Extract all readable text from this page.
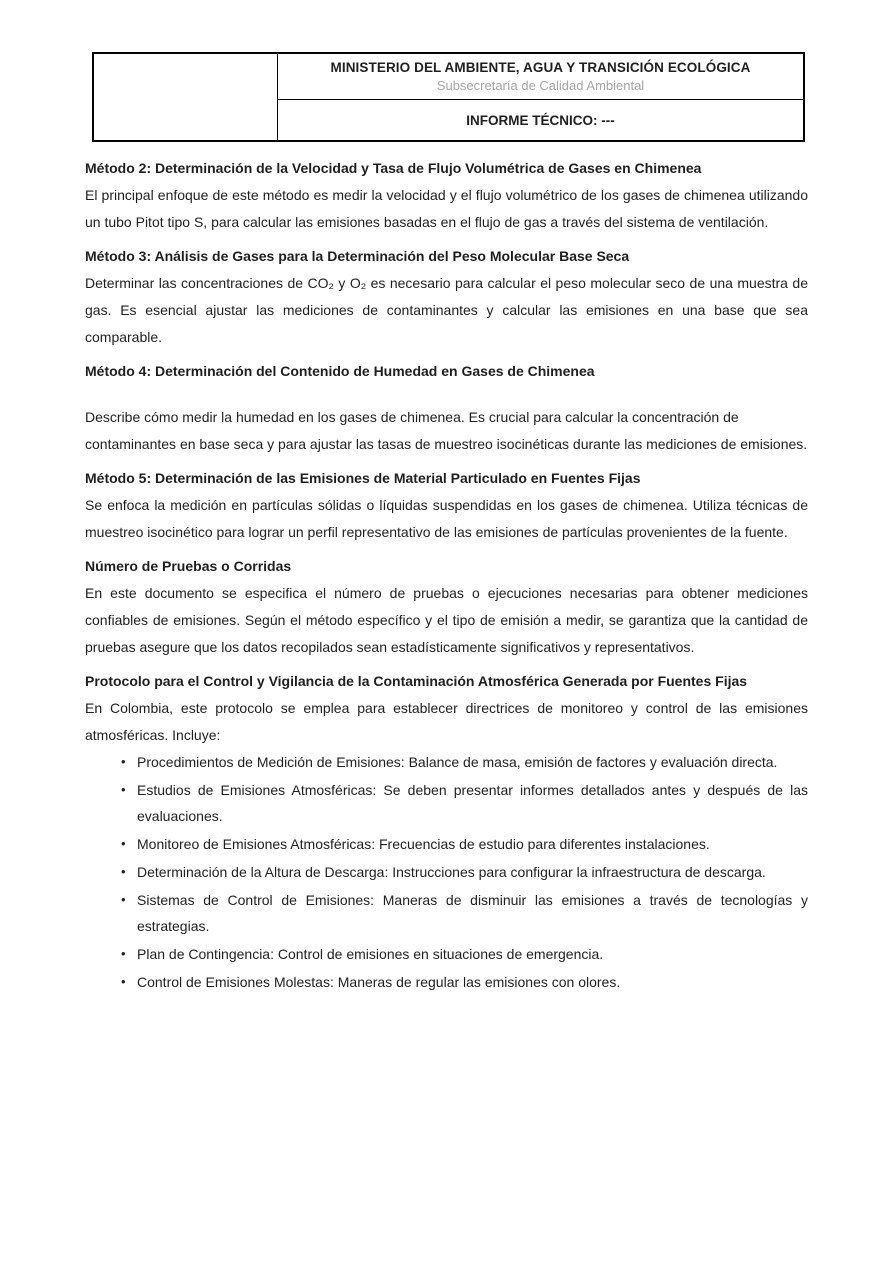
MINISTERIO DEL AMBIENTE, AGUA Y TRANSICIÓN ECOLÓGICA
Subsecretaría de Calidad Ambiental

INFORME TÉCNICO: ---
Método 2: Determinación de la Velocidad y Tasa de Flujo Volumétrica de Gases en Chimenea

El principal enfoque de este método es medir la velocidad y el flujo volumétrico de los gases de chimenea utilizando un tubo Pitot tipo S, para calcular las emisiones basadas en el flujo de gas a través del sistema de ventilación.

Método 3: Análisis de Gases para la Determinación del Peso Molecular Base Seca

Determinar las concentraciones de CO₂ y O₂ es necesario para calcular el peso molecular seco de una muestra de gas. Es esencial ajustar las mediciones de contaminantes y calcular las emisiones en una base que sea comparable.

Método 4: Determinación del Contenido de Humedad en Gases de Chimenea

Describe cómo medir la humedad en los gases de chimenea. Es crucial para calcular la concentración de contaminantes en base seca y para ajustar las tasas de muestreo isocinéticas durante las mediciones de emisiones.

Método 5: Determinación de las Emisiones de Material Particulado en Fuentes Fijas

Se enfoca la medición en partículas sólidas o líquidas suspendidas en los gases de chimenea. Utiliza técnicas de muestreo isocinético para lograr un perfil representativo de las emisiones de partículas provenientes de la fuente.

Número de Pruebas o Corridas

En este documento se especifica el número de pruebas o ejecuciones necesarias para obtener mediciones confiables de emisiones. Según el método específico y el tipo de emisión a medir, se garantiza que la cantidad de pruebas asegure que los datos recopilados sean estadísticamente significativos y representativos.

Protocolo para el Control y Vigilancia de la Contaminación Atmosférica Generada por Fuentes Fijas

En Colombia, este protocolo se emplea para establecer directrices de monitoreo y control de las emisiones atmosféricas. Incluye:

• Procedimientos de Medición de Emisiones: Balance de masa, emisión de factores y evaluación directa.
• Estudios de Emisiones Atmosféricas: Se deben presentar informes detallados antes y después de las evaluaciones.
• Monitoreo de Emisiones Atmosféricas: Frecuencias de estudio para diferentes instalaciones.
• Determinación de la Altura de Descarga: Instrucciones para configurar la infraestructura de descarga.
• Sistemas de Control de Emisiones: Maneras de disminuir las emisiones a través de tecnologías y estrategias.
• Plan de Contingencia: Control de emisiones en situaciones de emergencia.
• Control de Emisiones Molestas: Maneras de regular las emisiones con olores.
